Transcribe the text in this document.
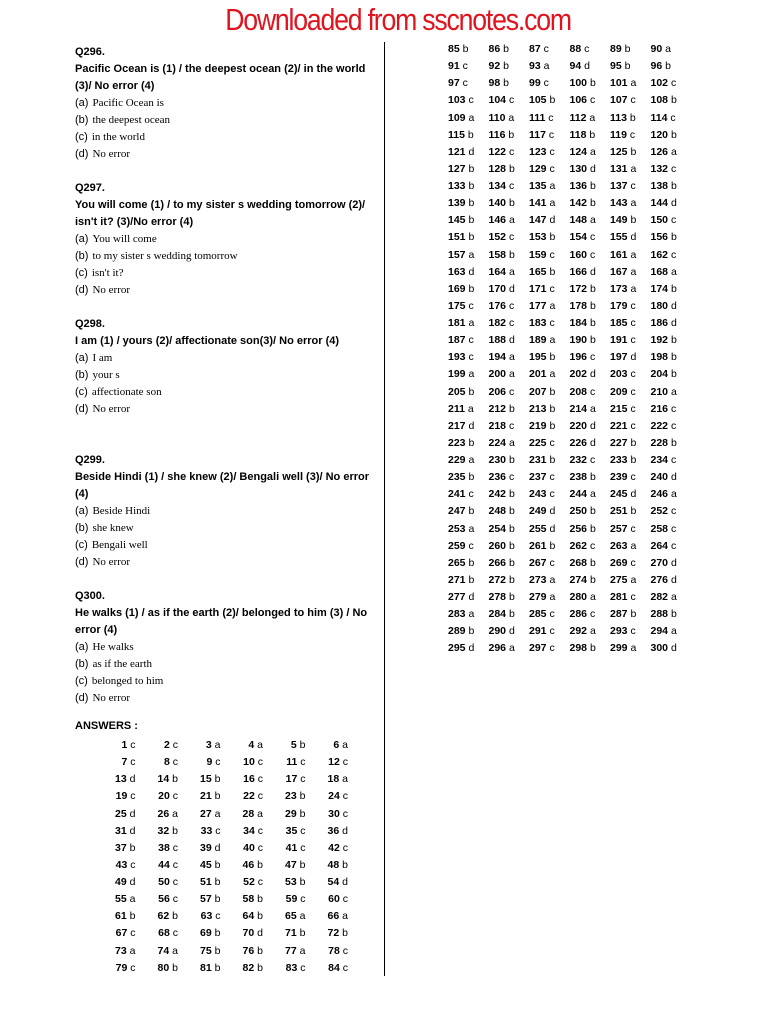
Downloaded from sscnotes.com
Q296.
Pacific Ocean is (1) / the deepest ocean (2)/ in the world (3)/ No error (4)
(a) Pacific Ocean is
(b) the deepest ocean
(c) in the world
(d) No error
Q297.
You will come (1) / to my sister s wedding tomorrow (2)/ isn't it? (3)/No error (4)
(a) You will come
(b) to my sister s wedding tomorrow
(c) isn't it?
(d) No error
Q298.
I am (1) / yours (2)/ affectionate son(3)/ No error (4)
(a) I am
(b) your s
(c) affectionate son
(d) No error
Q299.
Beside Hindi (1) / she knew (2)/ Bengali well (3)/ No error (4)
(a) Beside Hindi
(b) she knew
(c) Bengali well
(d) No error
Q300.
He walks (1) / as if the earth (2)/ belonged to him (3) / No error (4)
(a) He walks
(b) as if the earth
(c) belonged to him
(d) No error
ANSWERS :
1 c	2 c	3 a	4 a	5 b	6 a
7 c	8 c	9 c 10 c 11 c 12 c
13 d 14 b 15 b 16 c 17 c 18 a
19 c 20 c 21 b 22 c 23 b 24 c
25 d 26 a 27 a 28 a 29 b 30 c
31 d 32 b 33 c 34 c 35 c 36 d
37 b 38 c 39 d 40 c 41 c 42 c
43 c 44 c 45 b 46 b 47 b 48 b
49 d 50 c 51 b 52 c 53 b 54 d
55 a 56 c 57 b 58 b 59 c 60 c
61 b 62 b 63 c 64 b 65 a 66 a
67 c 68 c 69 b 70 d 71 b 72 b
73 a 74 a 75 b 76 b 77 a 78 c
79 c 80 b 81 b 82 b 83 c 84 c
85 b 86 b 87 c 88 c 89 b 90 a
91 c 92 b 93 a 94 d 95 b 96 b
97 c 98 b 99 c 100 b 101 a 102 c
103 c 104 c 105 b 106 c 107 c 108 b
109 a 110 a 111 c 112 a 113 b 114 c
115 b 116 b 117 c 118 b 119 c 120 b
121 d 122 c 123 c 124 a 125 b 126 a
127 b 128 b 129 c 130 d 131 a 132 c
133 b 134 c 135 a 136 b 137 c 138 b
139 b 140 b 141 a 142 b 143 a 144 d
145 b 146 a 147 d 148 a 149 b 150 c
151 b 152 c 153 b 154 c 155 d 156 b
157 a 158 b 159 c 160 c 161 a 162 c
163 d 164 a 165 b 166 d 167 a 168 a
169 b 170 d 171 c 172 b 173 a 174 b
175 c 176 c 177 a 178 b 179 c 180 d
181 a 182 c 183 c 184 b 185 c 186 d
187 c 188 d 189 a 190 b 191 c 192 b
193 c 194 a 195 b 196 c 197 d 198 b
199 a 200 a 201 a 202 d 203 c 204 b
205 b 206 c 207 b 208 c 209 c 210 a
211 a 212 b 213 b 214 a 215 c 216 c
217 d 218 c 219 b 220 d 221 c 222 c
223 b 224 a 225 c 226 d 227 b 228 b
229 a 230 b 231 b 232 c 233 b 234 c
235 b 236 c 237 c 238 b 239 c 240 d
241 c 242 b 243 c 244 a 245 d 246 a
247 b 248 b 249 d 250 b 251 b 252 c
253 a 254 b 255 d 256 b 257 c 258 c
259 c 260 b 261 b 262 c 263 a 264 c
265 b 266 b 267 c 268 b 269 c 270 d
271 b 272 b 273 a 274 b 275 a 276 d
277 d 278 b 279 a 280 a 281 c 282 a
283 a 284 b 285 c 286 c 287 b 288 b
289 b 290 d 291 c 292 a 293 c 294 a
295 d 296 a 297 c 298 b 299 a 300 d
